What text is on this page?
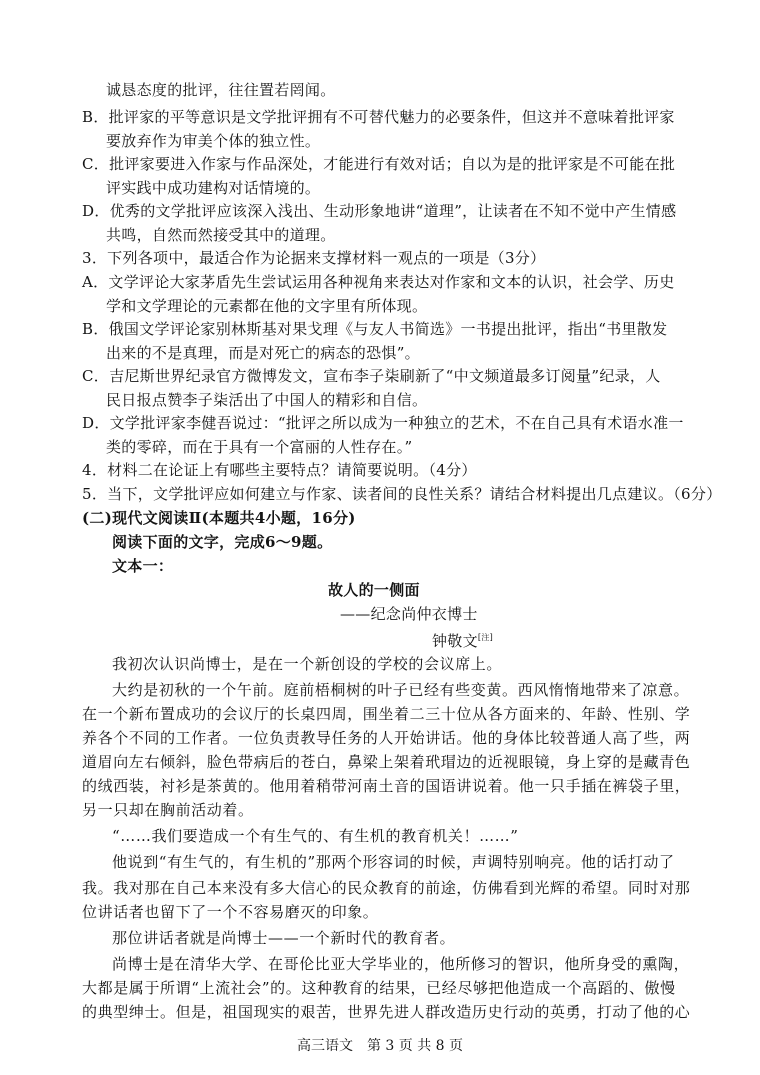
诚恳态度的批评，往往置若罔闻。
B．批评家的平等意识是文学批评拥有不可替代魅力的必要条件，但这并不意味着批评家
要放弃作为审美个体的独立性。
C．批评家要进入作家与作品深处，才能进行有效对话；自以为是的批评家是不可能在批
评实践中成功建构对话情境的。
D．优秀的文学批评应该深入浅出、生动形象地讲“道理”，让读者在不知不觉中产生情感
共鸣，自然而然接受其中的道理。
3．下列各项中，最适合作为论据来支撑材料一观点的一项是（3分）
A．文学评论大家茅盾先生尝试运用各种视角来表达对作家和文本的认识，社会学、历史
学和文学理论的元素都在他的文字里有所体现。
B．俄国文学评论家别林斯基对果戈理《与友人书简选》一书提出批评，指出“书里散发
出来的不是真理，而是对死亡的病态的恐惧”。
C．吉尼斯世界纪录官方微博发文，宣布李子柒刷新了“中文频道最多订阅量”纪录，人
民日报点赞李子柒活出了中国人的精彩和自信。
D．文学批评家李健吾说过：“批评之所以成为一种独立的艺术，不在自己具有术语水准一
类的零碎，而在于具有一个富丽的人性存在。”
4．材料二在论证上有哪些主要特点？请简要说明。（4分）
5．当下，文学批评应如何建立与作家、读者间的良性关系？请结合材料提出几点建议。（6分）
(二)现代文阅读Ⅱ(本题共4小题，16分)
阅读下面的文字，完成6～9题。
文本一：
故人的一侧面
——纪念尚仲衣博士
钟敬文[注]
我初次认识尚博士，是在一个新创设的学校的会议席上。
大约是初秋的一个午前。庭前梧桐树的叶子已经有些变黄。西风惰惰地带来了凉意。
在一个新布置成功的会议厅的长桌四周，围坐着二三十位从各方面来的、年龄、性别、学
养各个不同的工作者。一位负责教导任务的人开始讲话。他的身体比较普通人高了些，两
道眉向左右倾斜，脸色带病后的苍白，鼻梁上架着玳瑁边的近视眼镜，身上穿的是藏青色
的绒西装，衬衫是茶黄的。他用着稍带河南土音的国语讲说着。他一只手插在裤袋子里，
另一只却在胸前活动着。
“……我们要造成一个有生气的、有生机的教育机关！……”
他说到“有生气的，有生机的”那两个形容词的时候，声调特别响亮。他的话打动了
我。我对那在自己本来没有多大信心的民众教育的前途，仿佛看到光辉的希望。同时对那
位讲话者也留下了一个不容易磨灭的印象。
那位讲话者就是尚博士——一个新时代的教育者。
尚博士是在清华大学、在哥伦比亚大学毕业的，他所修习的智识，他所身受的熏陶，
大都是属于所谓“上流社会”的。这种教育的结果，已经尽够把他造成一个高蹈的、傲慢
的典型绅士。但是，祖国现实的艰苦，世界先进人群改造历史行动的英勇，打动了他的心
高三语文　第 3 页 共 8 页
